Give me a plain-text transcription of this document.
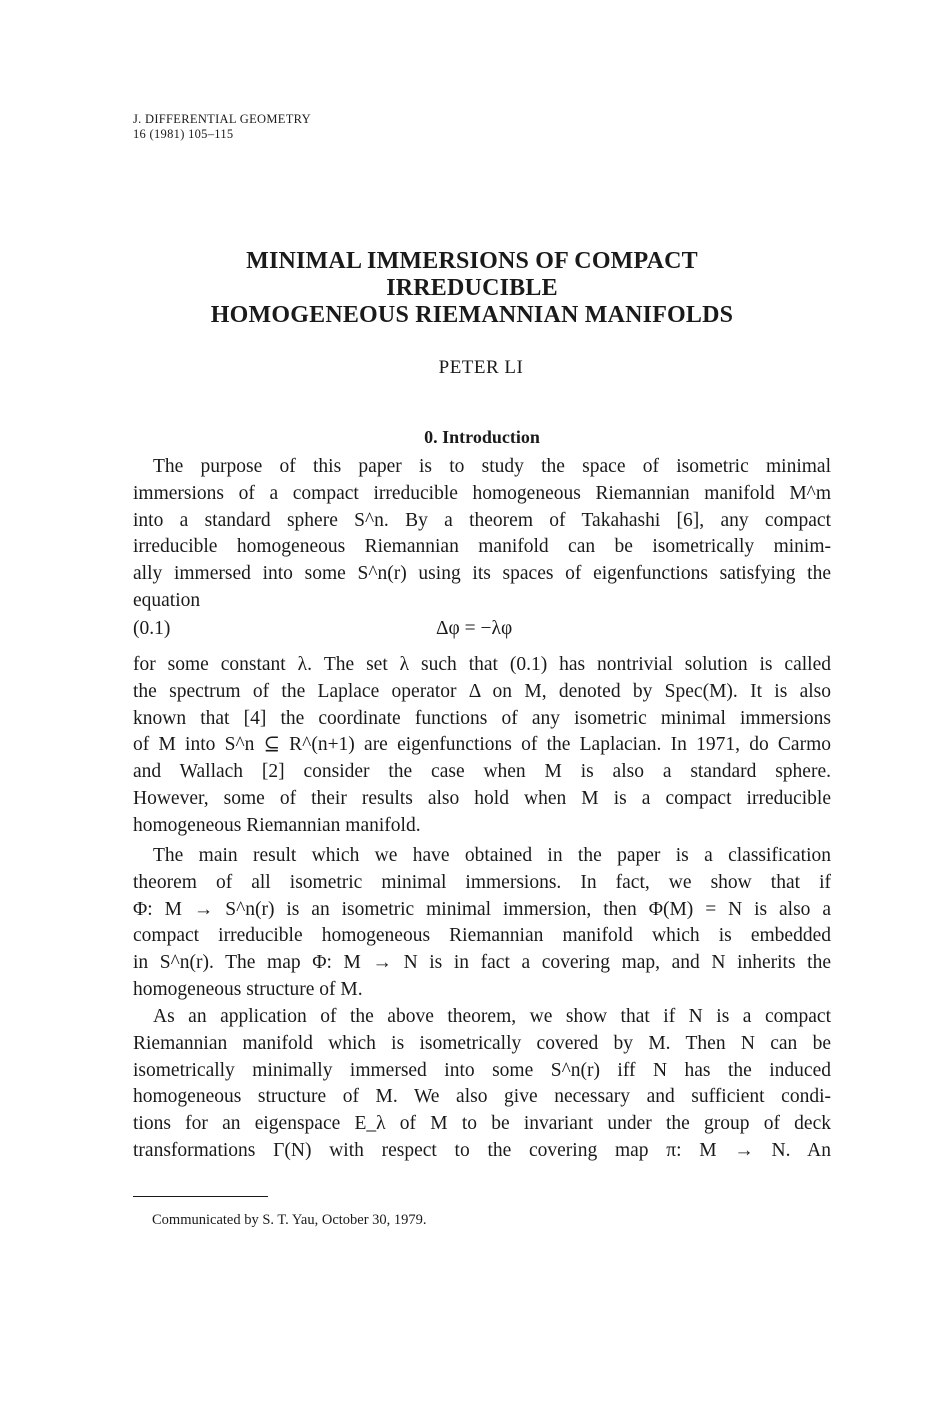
J. DIFFERENTIAL GEOMETRY
16 (1981) 105–115
MINIMAL IMMERSIONS OF COMPACT
IRREDUCIBLE
HOMOGENEOUS RIEMANNIAN MANIFOLDS
PETER LI
0. Introduction
The purpose of this paper is to study the space of isometric minimal
immersions of a compact irreducible homogeneous Riemannian manifold M^m
into a standard sphere S^n. By a theorem of Takahashi [6], any compact
irreducible homogeneous Riemannian manifold can be isometrically minim-
ally immersed into some S^n(r) using its spaces of eigenfunctions satisfying the
equation
(0.1)	Δφ = −λφ
for some constant λ. The set λ such that (0.1) has nontrivial solution is called
the spectrum of the Laplace operator Δ on M, denoted by Spec(M). It is also
known that [4] the coordinate functions of any isometric minimal immersions
of M into S^n ⊆ R^(n+1) are eigenfunctions of the Laplacian. In 1971, do Carmo
and Wallach [2] consider the case when M is also a standard sphere.
However, some of their results also hold when M is a compact irreducible
homogeneous Riemannian manifold.
The main result which we have obtained in the paper is a classification
theorem of all isometric minimal immersions. In fact, we show that if
Φ: M → S^n(r) is an isometric minimal immersion, then Φ(M) = N is also a
compact irreducible homogeneous Riemannian manifold which is embedded
in S^n(r). The map Φ: M → N is in fact a covering map, and N inherits the
homogeneous structure of M.
As an application of the above theorem, we show that if N is a compact
Riemannian manifold which is isometrically covered by M. Then N can be
isometrically minimally immersed into some S^n(r) iff N has the induced
homogeneous structure of M. We also give necessary and sufficient condi-
tions for an eigenspace E_λ of M to be invariant under the group of deck
transformations Γ(N) with respect to the covering map π: M → N. An
Communicated by S. T. Yau, October 30, 1979.
